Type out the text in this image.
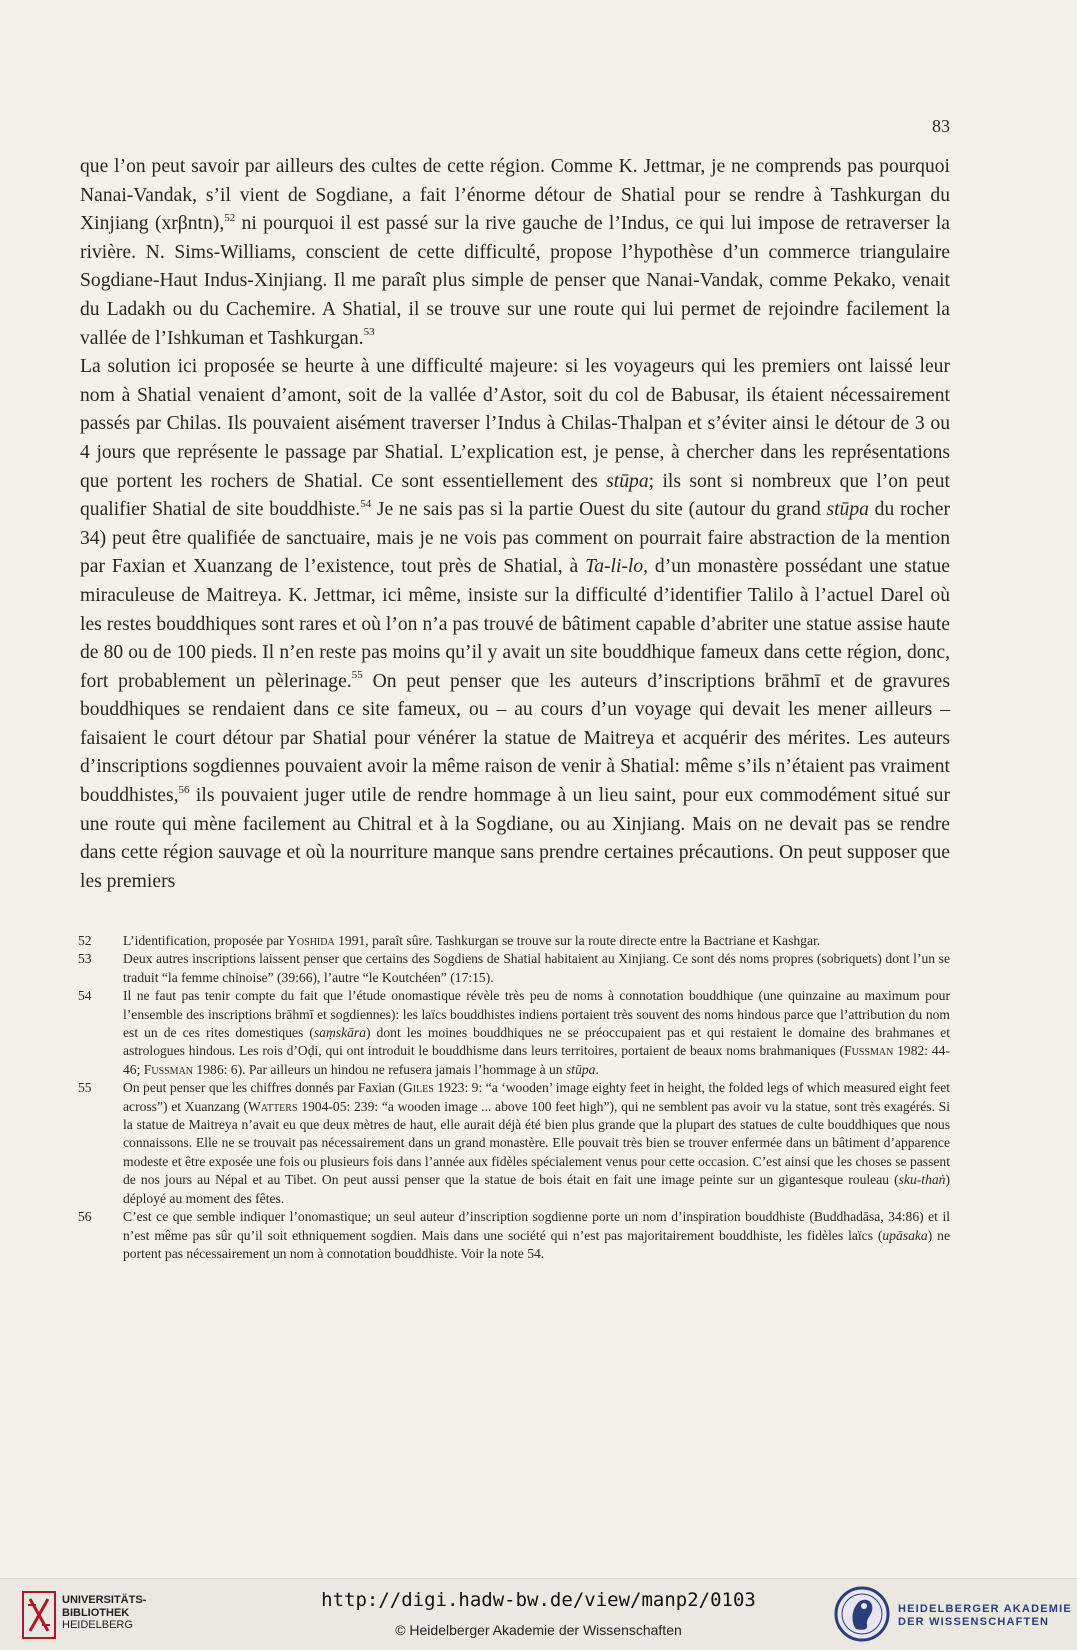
83

que l’on peut savoir par ailleurs des cultes de cette région. Comme K. Jettmar, je ne comprends pas pourquoi Nanai-Vandak, s’il vient de Sogdiane, a fait l’énorme détour de Shatial pour se rendre à Tashkurgan du Xinjiang (xrβntn),$^{52}$ ni pourquoi il est passé sur la rive gauche de l’Indus, ce qui lui impose de retraverser la rivière. N. Sims-Williams, conscient de cette difficulté, propose l’hypothèse d’un commerce triangulaire Sogdiane-Haut Indus-Xinjiang. Il me paraît plus simple de penser que Nanai-Vandak, comme Pekako, venait du Ladakh ou du Cachemire. A Shatial, il se trouve sur une route qui lui permet de rejoindre facilement la vallée de l’Ishkuman et Tashkurgan.$^{53}$

La solution ici proposée se heurte à une difficulté majeure: si les voyageurs qui les premiers ont laissé leur nom à Shatial venaient d’amont, soit de la vallée d’Astor, soit du col de Babusar, ils étaient nécessairement passés par Chilas. Ils pouvaient aisément traverser l’Indus à Chilas-Thalpan et s’éviter ainsi le détour de 3 ou 4 jours que représente le passage par Shatial. L’explication est, je pense, à chercher dans les représentations que portent les rochers de Shatial. Ce sont essentiellement des stūpa; ils sont si nombreux que l’on peut qualifier Shatial de site bouddhiste.$^{54}$ Je ne sais pas si la partie Ouest du site (autour du grand stūpa du rocher 34) peut être qualifiée de sanctuaire, mais je ne vois pas comment on pourrait faire abstraction de la mention par Faxian et Xuanzang de l’existence, tout près de Shatial, à Ta-li-lo, d’un monastère possédant une statue miraculeuse de Maitreya. K. Jettmar, ici même, insiste sur la difficulté d’identifier Talilo à l’actuel Darel où les restes bouddhiques sont rares et où l’on n’a pas trouvé de bâtiment capable d’abriter une statue assise haute de 80 ou de 100 pieds. Il n’en reste pas moins qu’il y avait un site bouddhique fameux dans cette région, donc, fort probablement un pèlerinage.$^{55}$ On peut penser que les auteurs d’inscriptions brāhmī et de gravures bouddhiques se rendaient dans ce site fameux, ou – au cours d’un voyage qui devait les mener ailleurs – faisaient le court détour par Shatial pour vénérer la statue de Maitreya et acquérir des mérites. Les auteurs d’inscriptions sogdiennes pouvaient avoir la même raison de venir à Shatial: même s’ils n’étaient pas vraiment bouddhistes,$^{56}$ ils pouvaient juger utile de rendre hommage à un lieu saint, pour eux commodément situé sur une route qui mène facilement au Chitral et à la Sogdiane, ou au Xinjiang. Mais on ne devait pas se rendre dans cette région sauvage et où la nourriture manque sans prendre certaines précautions. On peut supposer que les premiers

52	L’identification, proposée par Yoshida 1991, paraît sûre. Tashkurgan se trouve sur la route directe entre la Bactriane et Kashgar.
53	Deux autres inscriptions laissent penser que certains des Sogdiens de Shatial habitaient au Xinjiang. Ce sont dés noms propres (sobriquets) dont l’un se traduit “la femme chinoise” (39:66), l’autre “le Koutchéen” (17:15).
54	Il ne faut pas tenir compte du fait que l’étude onomastique révèle très peu de noms à connotation bouddhique (une quinzaine au maximum pour l’ensemble des inscriptions brāhmī et sogdiennes): les laïcs bouddhistes indiens portaient très souvent des noms hindous parce que l’attribution du nom est un de ces rites domestiques (saṃskāra) dont les moines bouddhiques ne se préoccupaient pas et qui restaient le domaine des brahmanes et astrologues hindous. Les rois d’Oḍi, qui ont introduit le bouddhisme dans leurs territoires, portaient de beaux noms brahmaniques (Fussman 1982: 44-46; Fussman 1986: 6). Par ailleurs un hindou ne refusera jamais l’hommage à un stūpa.
55	On peut penser que les chiffres donnés par Faxian (Giles 1923: 9: “a ‘wooden’ image eighty feet in height, the folded legs of which measured eight feet across”) et Xuanzang (Watters 1904-05: 239: “a wooden image ... above 100 feet high”), qui ne semblent pas avoir vu la statue, sont très exagérés. Si la statue de Maitreya n’avait eu que deux mètres de haut, elle aurait déjà été bien plus grande que la plupart des statues de culte bouddhiques que nous connaissons. Elle ne se trouvait pas nécessairement dans un grand monastère. Elle pouvait très bien se trouver enfermée dans un bâtiment d’apparence modeste et être exposée une fois ou plusieurs fois dans l’année aux fidèles spécialement venus pour cette occasion. C’est ainsi que les choses se passent de nos jours au Népal et au Tibet. On peut aussi penser que la statue de bois était en fait une image peinte sur un gigantesque rouleau (sku-thaṅ) déployé au moment des fêtes.
56	C’est ce que semble indiquer l’onomastique; un seul auteur d’inscription sogdienne porte un nom d’inspiration bouddhiste (Buddhadāsa, 34:86) et il n’est même pas sûr qu’il soit ethniquement sogdien. Mais dans une société qui n’est pas majoritairement bouddhiste, les fidèles laïcs (upāsaka) ne portent pas nécessairement un nom à connotation bouddhiste. Voir la note 54.
UNIVERSITÄTS-
BIBLIOTHEK
HEIDELBERG
http://digi.hadw-bw.de/view/manp2/0103
© Heidelberger Akademie der Wissenschaften
HEIDELBERGER AKADEMIE
DER WISSENSCHAFTEN
